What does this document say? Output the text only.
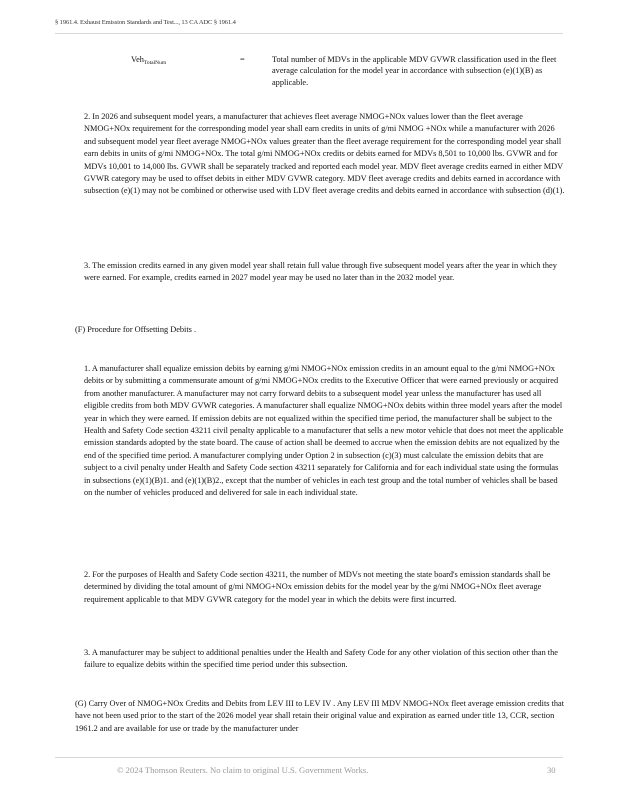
§ 1961.4. Exhaust Emission Standards and Test..., 13 CA ADC § 1961.4
Veh$_{TotalNum}$	=	Total number of MDVs in the applicable MDV GVWR classification used in the fleet average calculation for the model year in accordance with subsection (e)(1)(B) as applicable.
2. In 2026 and subsequent model years, a manufacturer that achieves fleet average NMOG+NOx values lower than the fleet average NMOG+NOx requirement for the corresponding model year shall earn credits in units of g/mi NMOG +NOx while a manufacturer with 2026 and subsequent model year fleet average NMOG+NOx values greater than the fleet average requirement for the corresponding model year shall earn debits in units of g/mi NMOG+NOx. The total g/mi NMOG+NOx credits or debits earned for MDVs 8,501 to 10,000 lbs. GVWR and for MDVs 10,001 to 14,000 lbs. GVWR shall be separately tracked and reported each model year. MDV fleet average credits earned in either MDV GVWR category may be used to offset debits in either MDV GVWR category. MDV fleet average credits and debits earned in accordance with subsection (e)(1) may not be combined or otherwise used with LDV fleet average credits and debits earned in accordance with subsection (d)(1).
3. The emission credits earned in any given model year shall retain full value through five subsequent model years after the year in which they were earned. For example, credits earned in 2027 model year may be used no later than in the 2032 model year.
(F) Procedure for Offsetting Debits .
1. A manufacturer shall equalize emission debits by earning g/mi NMOG+NOx emission credits in an amount equal to the g/mi NMOG+NOx debits or by submitting a commensurate amount of g/mi NMOG+NOx credits to the Executive Officer that were earned previously or acquired from another manufacturer. A manufacturer may not carry forward debits to a subsequent model year unless the manufacturer has used all eligible credits from both MDV GVWR categories. A manufacturer shall equalize NMOG+NOx debits within three model years after the model year in which they were earned. If emission debits are not equalized within the specified time period, the manufacturer shall be subject to the Health and Safety Code section 43211 civil penalty applicable to a manufacturer that sells a new motor vehicle that does not meet the applicable emission standards adopted by the state board. The cause of action shall be deemed to accrue when the emission debits are not equalized by the end of the specified time period. A manufacturer complying under Option 2 in subsection (c)(3) must calculate the emission debits that are subject to a civil penalty under Health and Safety Code section 43211 separately for California and for each individual state using the formulas in subsections (e)(1)(B)1. and (e)(1)(B)2., except that the number of vehicles in each test group and the total number of vehicles shall be based on the number of vehicles produced and delivered for sale in each individual state.
2. For the purposes of Health and Safety Code section 43211, the number of MDVs not meeting the state board's emission standards shall be determined by dividing the total amount of g/mi NMOG+NOx emission debits for the model year by the g/mi NMOG+NOx fleet average requirement applicable to that MDV GVWR category for the model year in which the debits were first incurred.
3. A manufacturer may be subject to additional penalties under the Health and Safety Code for any other violation of this section other than the failure to equalize debits within the specified time period under this subsection.
(G) Carry Over of NMOG+NOx Credits and Debits from LEV III to LEV IV . Any LEV III MDV NMOG+NOx fleet average emission credits that have not been used prior to the start of the 2026 model year shall retain their original value and expiration as earned under title 13, CCR, section 1961.2 and are available for use or trade by the manufacturer under
© 2024 Thomson Reuters. No claim to original U.S. Government Works.	30
